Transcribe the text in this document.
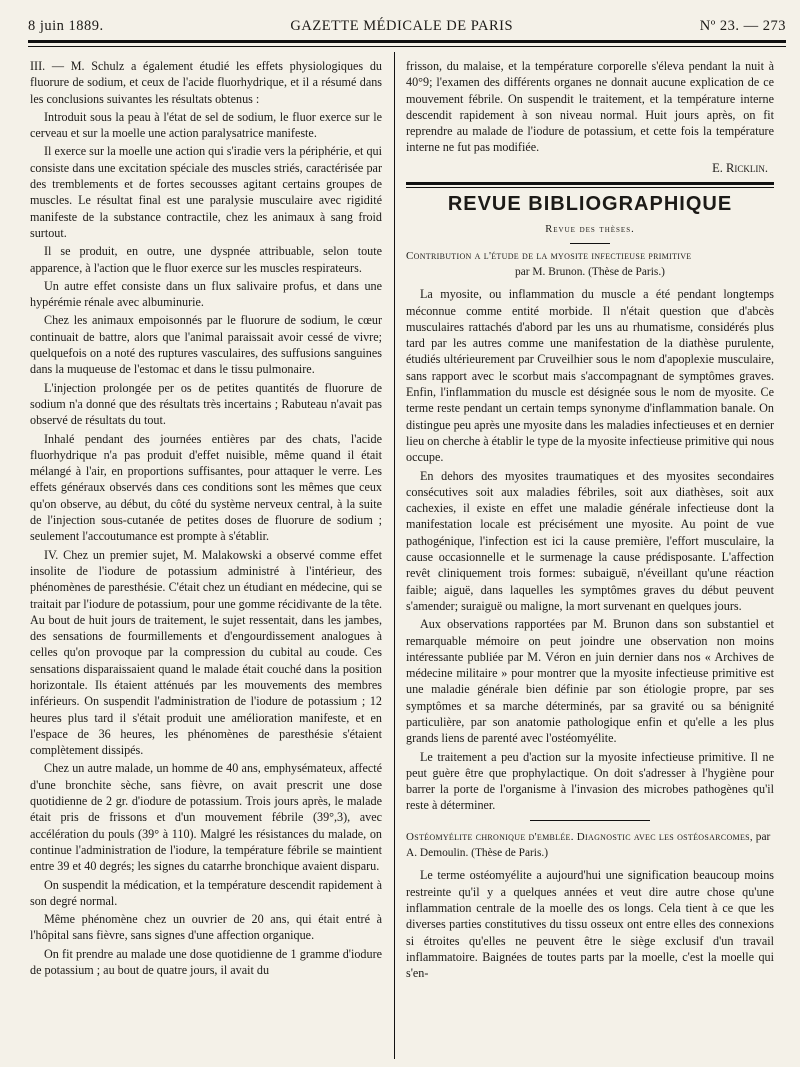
8 juin 1889.	GAZETTE MÉDICALE DE PARIS	Nº 23. — 273

III. — M. Schulz a également étudié les effets physiologiques du fluorure de sodium, et ceux de l'acide fluorhydrique, et il a résumé dans les conclusions suivantes les résultats obtenus :

Introduit sous la peau à l'état de sel de sodium, le fluor exerce sur le cerveau et sur la moelle une action paralysatrice manifeste.

Il exerce sur la moelle une action qui s'iradie vers la périphérie, et qui consiste dans une excitation spéciale des muscles striés, caractérisée par des tremblements et de fortes secousses agitant certains groupes de muscles. Le résultat final est une paralysie musculaire avec rigidité manifeste de la substance contractile, chez les animaux à sang froid surtout.

Il se produit, en outre, une dyspnée attribuable, selon toute apparence, à l'action que le fluor exerce sur les muscles respirateurs.

Un autre effet consiste dans un flux salivaire profus, et dans une hypérémie rénale avec albuminurie.

Chez les animaux empoisonnés par le fluorure de sodium, le cœur continuait de battre, alors que l'animal paraissait avoir cessé de vivre; quelquefois on a noté des ruptures vasculaires, des suffusions sanguines dans la muqueuse de l'estomac et dans le tissu pulmonaire.

L'injection prolongée per os de petites quantités de fluorure de sodium n'a donné que des résultats très incertains ; Rabuteau n'avait pas observé de résultats du tout.

Inhalé pendant des journées entières par des chats, l'acide fluorhydrique n'a pas produit d'effet nuisible, même quand il était mélangé à l'air, en proportions suffisantes, pour attaquer le verre. Les effets généraux observés dans ces conditions sont les mêmes que ceux qu'on observe, au début, du côté du système nerveux central, à la suite de l'injection sous-cutanée de petites doses de fluorure de sodium ; seulement l'accoutumance est prompte à s'établir.

IV. Chez un premier sujet, M. Malakowski a observé comme effet insolite de l'iodure de potassium administré à l'intérieur, des phénomènes de paresthésie. C'était chez un étudiant en médecine, qui se traitait par l'iodure de potassium, pour une gomme récidivante de la tête. Au bout de huit jours de traitement, le sujet ressentait, dans les jambes, des sensations de fourmillements et d'engourdissement analogues à celles qu'on provoque par la compression du cubital au coude. Ces sensations disparaissaient quand le malade était couché dans la position horizontale. Ils étaient atténués par les mouvements des membres inférieurs. On suspendit l'administration de l'iodure de potassium ; 12 heures plus tard il s'était produit une amélioration manifeste, et en l'espace de 36 heures, les phénomènes de paresthésie s'étaient complètement dissipés.

Chez un autre malade, un homme de 40 ans, emphysémateux, affecté d'une bronchite sèche, sans fièvre, on avait prescrit une dose quotidienne de 2 gr. d'iodure de potassium. Trois jours après, le malade était pris de frissons et d'un mouvement fébrile (39°,3), avec accélération du pouls (39° à 110). Malgré les résistances du malade, on continue l'administration de l'iodure, la température fébrile se maintient entre 39 et 40 degrés; les signes du catarrhe bronchique avaient disparu.

On suspendit la médication, et la température descendit rapidement à son degré normal.

Même phénomène chez un ouvrier de 20 ans, qui était entré à l'hôpital sans fièvre, sans signes d'une affection organique.

On fit prendre au malade une dose quotidienne de 1 gramme d'iodure de potassium ; au bout de quatre jours, il avait du

frisson, du malaise, et la température corporelle s'éleva pendant la nuit à 40°9; l'examen des différents organes ne donnait aucune explication de ce mouvement fébrile. On suspendit le traitement, et la température interne descendit rapidement à son niveau normal. Huit jours après, on fit reprendre au malade de l'iodure de potassium, et cette fois la température interne ne fut pas modifiée.

E. Ricklin.
REVUE BIBLIOGRAPHIQUE
Revue des thèses.

Contribution a l'étude de la myosite infectieuse primitive
par M. Brunon. (Thèse de Paris.)

La myosite, ou inflammation du muscle a été pendant longtemps méconnue comme entité morbide. Il n'était question que d'abcès musculaires rattachés d'abord par les uns au rhumatisme, considérés plus tard par les autres comme une manifestation de la diathèse purulente, étudiés ultérieurement par Cruveilhier sous le nom d'apoplexie musculaire, sans rapport avec le scorbut mais s'accompagnant de symptômes graves. Enfin, l'inflammation du muscle est désignée sous le nom de myosite. Ce terme reste pendant un certain temps synonyme d'inflammation banale. On distingue peu après une myosite dans les maladies infectieuses et en dernier lieu on cherche à établir le type de la myosite infectieuse primitive qui nous occupe.

En dehors des myosites traumatiques et des myosites secondaires consécutives soit aux maladies fébriles, soit aux diathèses, soit aux cachexies, il existe en effet une maladie générale infectieuse dont la manifestation locale est précisément une myosite. Au point de vue pathogénique, l'infection est ici la cause première, l'effort musculaire, la cause occasionnelle et le surmenage la cause prédisposante. L'affection revêt cliniquement trois formes: subaiguë, n'éveillant qu'une réaction faible; aiguë, dans laquelles les symptômes graves du début peuvent s'amender; suraiguë ou maligne, la mort survenant en quelques jours.

Aux observations rapportées par M. Brunon dans son substantiel et remarquable mémoire on peut joindre une observation non moins intéressante publiée par M. Véron en juin dernier dans nos « Archives de médecine militaire » pour montrer que la myosite infectieuse primitive est une maladie générale bien définie par son étiologie propre, par ses symptômes et sa marche déterminés, par sa gravité ou sa bénignité particulière, par son anatomie pathologique enfin et qu'elle a les plus grands liens de parenté avec l'ostéomyélite.

Le traitement a peu d'action sur la myosite infectieuse primitive. Il ne peut guère être que prophylactique. On doit s'adresser à l'hygiène pour barrer la porte de l'organisme à l'invasion des microbes pathogènes qu'il reste à déterminer.

Ostéomyélite chronique d'emblée. Diagnostic avec les ostéosarcomes, par A. Demoulin. (Thèse de Paris.)

Le terme ostéomyélite a aujourd'hui une signification beaucoup moins restreinte qu'il y a quelques années et veut dire autre chose qu'une inflammation centrale de la moelle des os longs. Cela tient à ce que les diverses parties constitutives du tissu osseux ont entre elles des connexions si étroites qu'elles ne peuvent être le siège exclusif d'un travail inflammatoire. Baignées de toutes parts par la moelle, c'est la moelle qui s'en-
